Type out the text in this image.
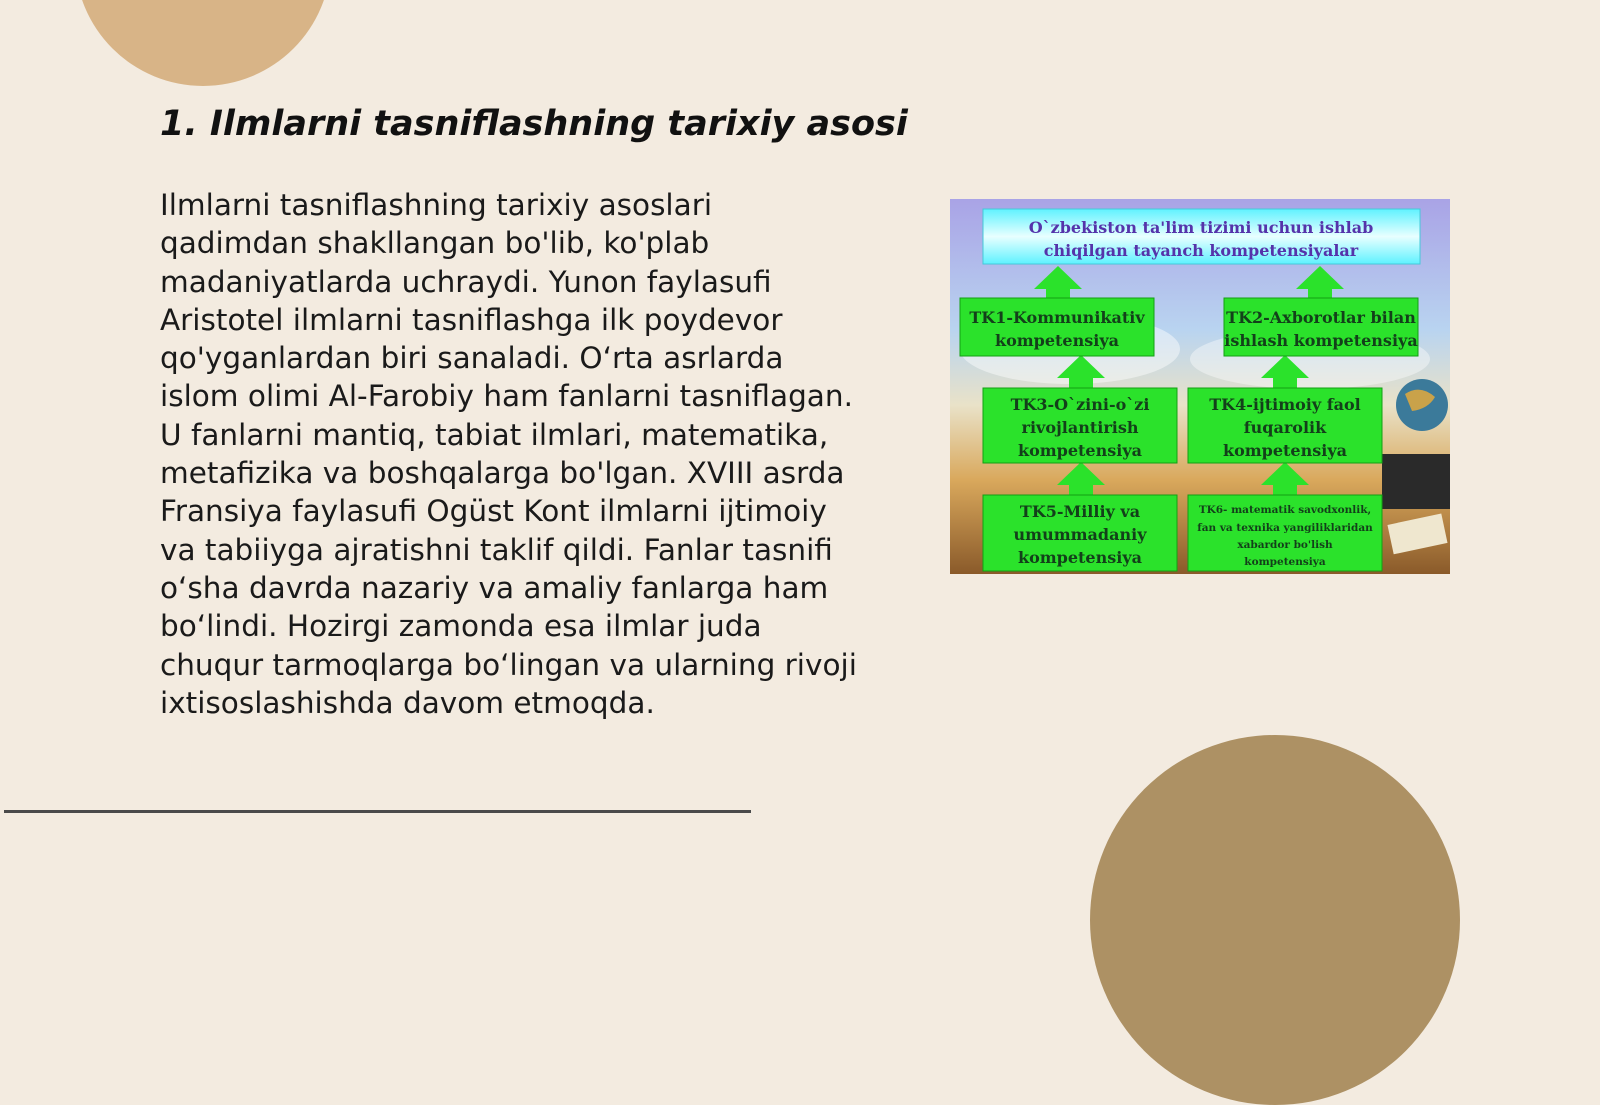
1. Ilmlarni tasniflashning tarixiy asosi

Ilmlarni tasniflashning tarixiy asoslari qadimdan shakllangan bo'lib, ko'plab madaniyatlarda uchraydi. Yunon faylasufi Aristotel ilmlarni tasniflashga ilk poydevor qo'yganlardan biri sanaladi. O‘rta asrlarda islom olimi Al-Farobiy ham fanlarni tasniflagan. U fanlarni mantiq, tabiat ilmlari, matematika, metafizika va boshqalarga bo'lgan. XVIII asrda Fransiya faylasufi Ogüst Kont ilmlarni ijtimoiy va tabiiyga ajratishni taklif qildi. Fanlar tasnifi o‘sha davrda nazariy va amaliy fanlarga ham bo‘lindi. Hozirgi zamonda esa ilmlar juda chuqur tarmoqlarga bo‘lingan va ularning rivoji ixtisoslashishda davom etmoqda.

O`zbekiston ta'lim tizimi uchun ishlab
chiqilgan tayanch kompetensiyalar
TK1-Kommunikativ
kompetensiya
TK2-Axborotlar bilan
ishlash kompetensiya
TK3-O`zini-o`zi
rivojlantirish
kompetensiya
TK4-ijtimoiy faol
fuqarolik
kompetensiya
TK5-Milliy va
umummadaniy
kompetensiya
TK6- matematik savodxonlik,
fan va texnika yangiliklaridan
xabardor bo'lish
kompetensiya
